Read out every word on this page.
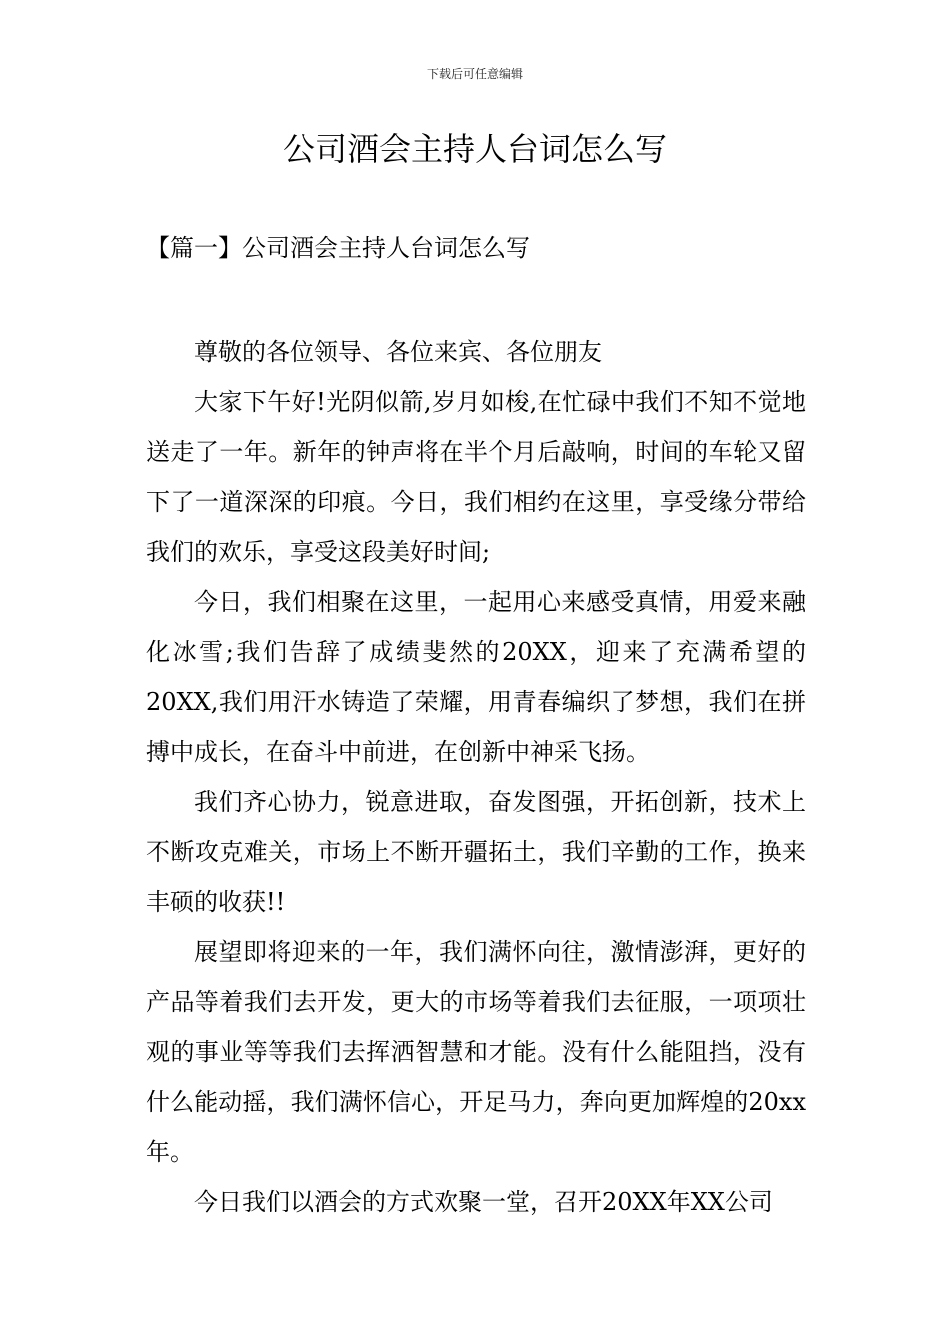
下载后可任意编辑
公司酒会主持人台词怎么写
【篇一】公司酒会主持人台词怎么写

尊敬的各位领导、各位来宾、各位朋友

大家下午好!光阴似箭,岁月如梭,在忙碌中我们不知不觉地送走了一年。新年的钟声将在半个月后敲响，时间的车轮又留下了一道深深的印痕。今日，我们相约在这里，享受缘分带给我们的欢乐，享受这段美好时间;

今日，我们相聚在这里，一起用心来感受真情，用爱来融化冰雪;我们告辞了成绩斐然的20XX，迎来了充满希望的20XX,我们用汗水铸造了荣耀，用青春编织了梦想，我们在拼搏中成长，在奋斗中前进，在创新中神采飞扬。

我们齐心协力，锐意进取，奋发图强，开拓创新，技术上不断攻克难关，市场上不断开疆拓土，我们辛勤的工作，换来丰硕的收获!!

展望即将迎来的一年，我们满怀向往，激情澎湃，更好的产品等着我们去开发，更大的市场等着我们去征服，一项项壮观的事业等等我们去挥洒智慧和才能。没有什么能阻挡，没有什么能动摇，我们满怀信心，开足马力，奔向更加辉煌的20xx年。

今日我们以酒会的方式欢聚一堂，召开20XX年XX公司
